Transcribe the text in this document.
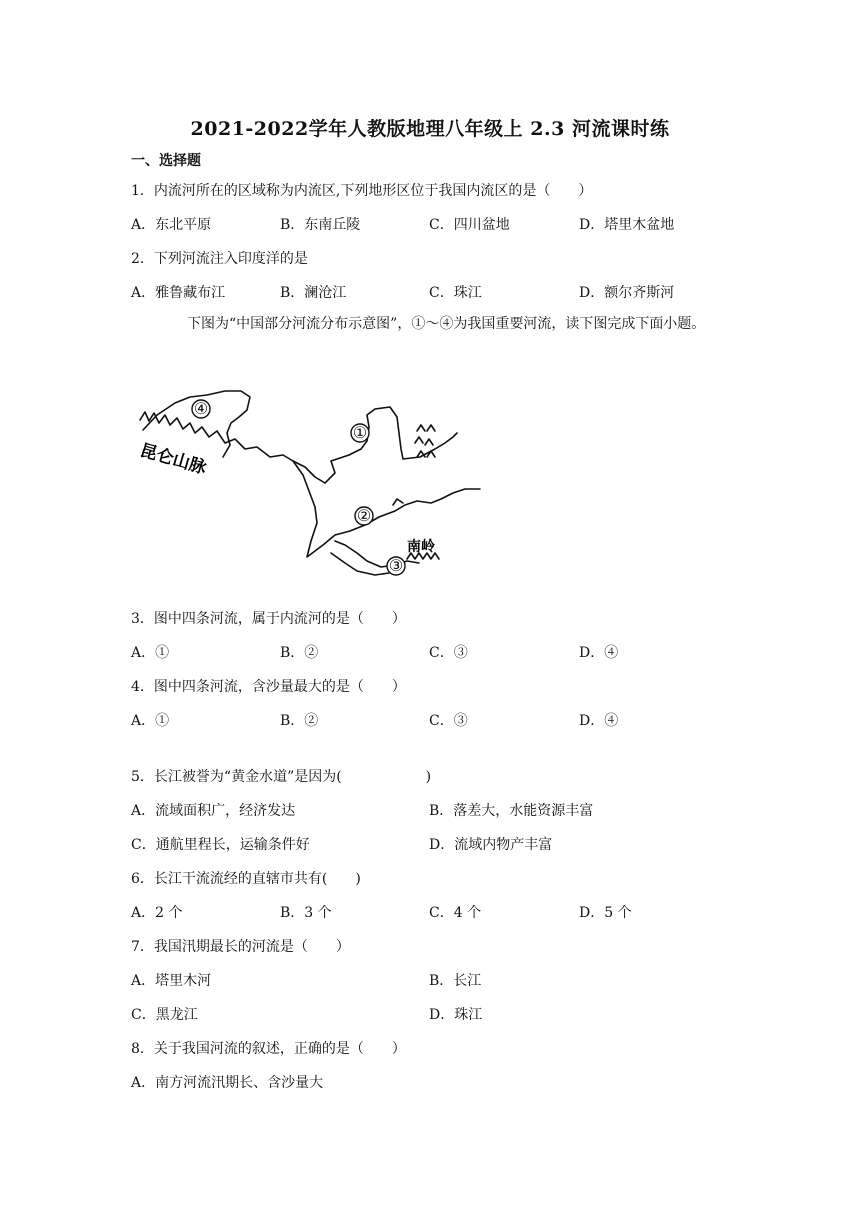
2021-2022学年人教版地理八年级上 2.3 河流课时练
一、选择题
1．内流河所在的区域称为内流区,下列地形区位于我国内流区的是（　　）
A．东北平原	B．东南丘陵	C．四川盆地	D．塔里木盆地
2．下列河流注入印度洋的是
A．雅鲁藏布江	B．澜沧江	C．珠江	D．额尔齐斯河
下图为“中国部分河流分布示意图”，①～④为我国重要河流，读下图完成下面小题。
④
①
②
③
昆仑山脉
南岭
3．图中四条河流，属于内流河的是（　　）
A．①	B．②	C．③	D．④
4．图中四条河流，含沙量最大的是（　　）
A．①	B．②	C．③	D．④
5．长江被誉为“黄金水道”是因为(　　　　　　)
A．流域面积广，经济发达	B．落差大，水能资源丰富
C．通航里程长，运输条件好	D．流域内物产丰富
6．长江干流流经的直辖市共有(　　)
A．2 个	B．3 个	C．4 个	D．5 个
7．我国汛期最长的河流是（　　）
A．塔里木河	B．长江
C．黑龙江	D．珠江
8．关于我国河流的叙述，正确的是（　　）
A．南方河流汛期长、含沙量大
